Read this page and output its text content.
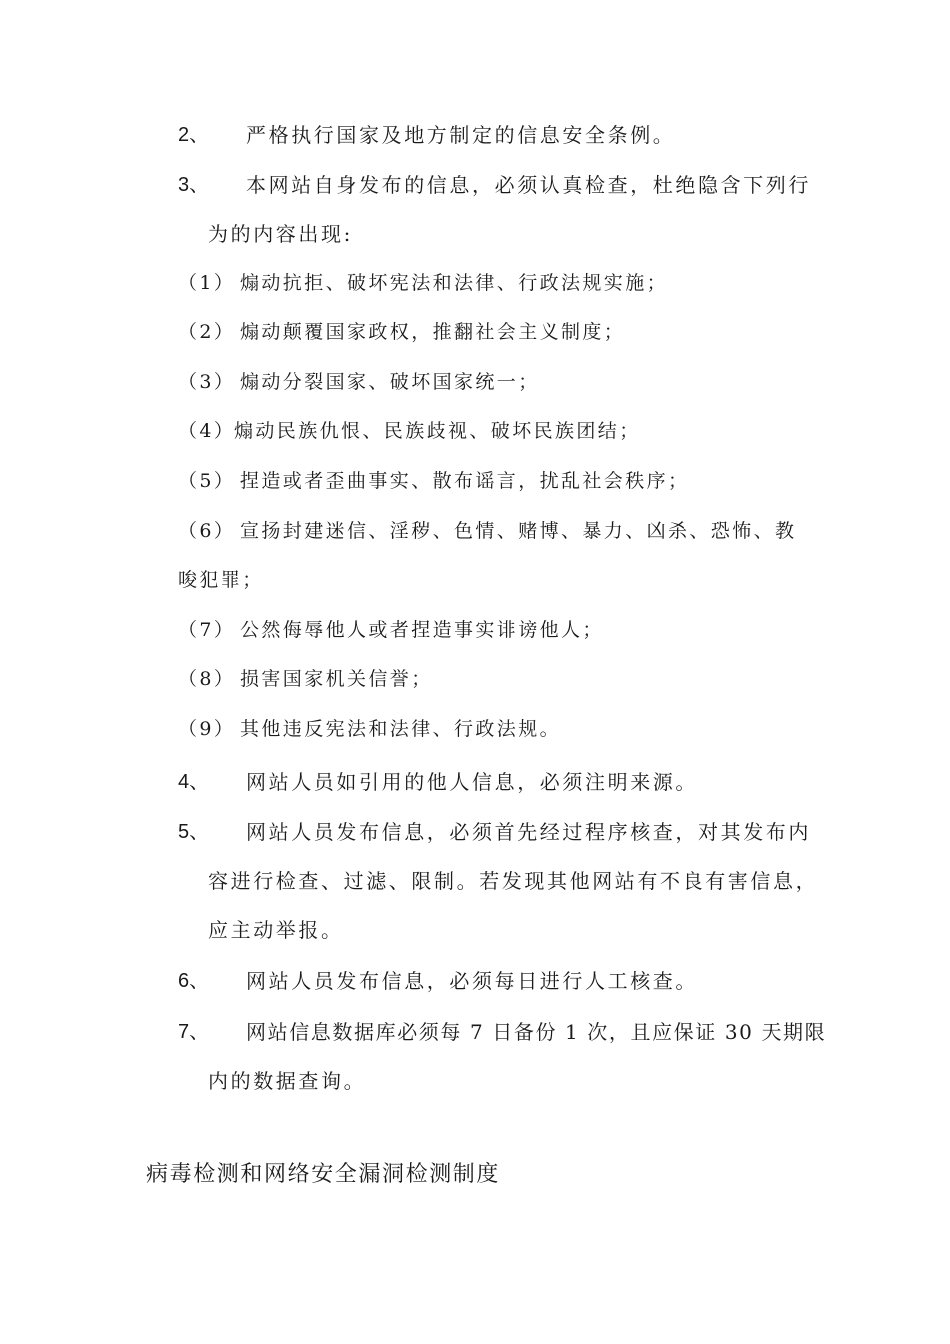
2、 严格执行国家及地方制定的信息安全条例。
3、 本网站自身发布的信息，必须认真检查，杜绝隐含下列行
为的内容出现:
（1） 煽动抗拒、破坏宪法和法律、行政法规实施；
（2） 煽动颠覆国家政权，推翻社会主义制度；
（3） 煽动分裂国家、破坏国家统一；
（4）
煽动民族仇恨、民族歧视、破坏民族团结；
（5） 捏造或者歪曲事实、散布谣言，扰乱社会秩序；
（6） 宣扬封建迷信、淫秽、色情、赌博、暴力、凶杀、恐怖、教
唆犯罪；
（7） 公然侮辱他人或者捏造事实诽谤他人；
（8） 损害国家机关信誉；
（9） 其他违反宪法和法律、行政法规。
4、 网站人员如引用的他人信息，必须注明来源。
5、 网站人员发布信息，必须首先经过程序核查，对其发布内
容进行检查、过滤、限制。若发现其他网站有不良有害信息，
应主动举报。
6、 网站人员发布信息，必须每日进行人工核查。
7、 网站信息数据库必须每 7 日备份 1 次，且应保证 30 天期限
内的数据查询。
病毒检测和网络安全漏洞检测制度
